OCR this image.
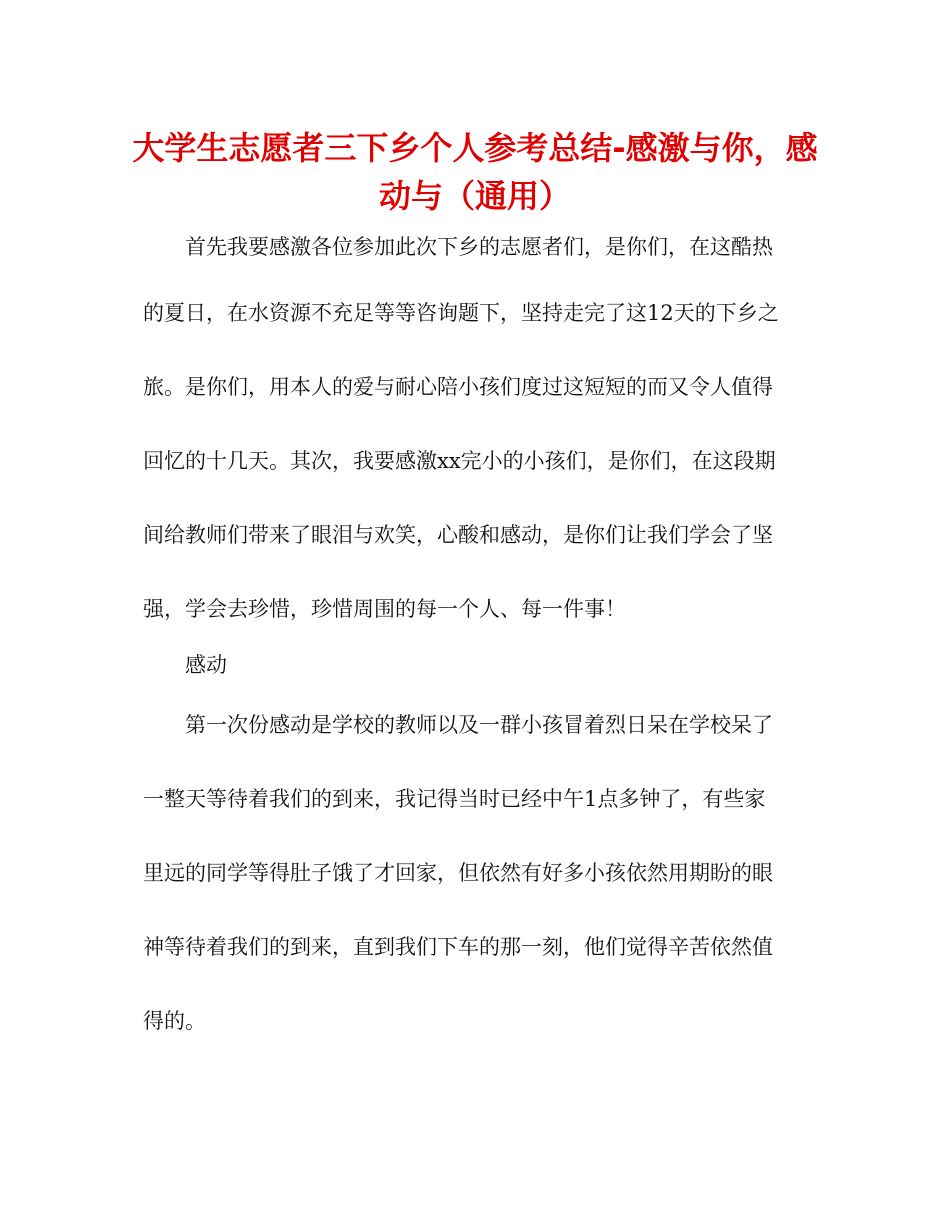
大学生志愿者三下乡个人参考总结-感激与你，感
动与（通用）

首先我要感激各位参加此次下乡的志愿者们，是你们，在这酷热

的夏日，在水资源不充足等等咨询题下，坚持走完了这12天的下乡之

旅。是你们，用本人的爱与耐心陪小孩们度过这短短的而又令人值得

回忆的十几天。其次，我要感激xx完小的小孩们，是你们，在这段期

间给教师们带来了眼泪与欢笑，心酸和感动，是你们让我们学会了坚

强，学会去珍惜，珍惜周围的每一个人、每一件事！

感动

第一次份感动是学校的教师以及一群小孩冒着烈日呆在学校呆了

一整天等待着我们的到来，我记得当时已经中午1点多钟了，有些家

里远的同学等得肚子饿了才回家，但依然有好多小孩依然用期盼的眼

神等待着我们的到来，直到我们下车的那一刻，他们觉得辛苦依然值

得的。
